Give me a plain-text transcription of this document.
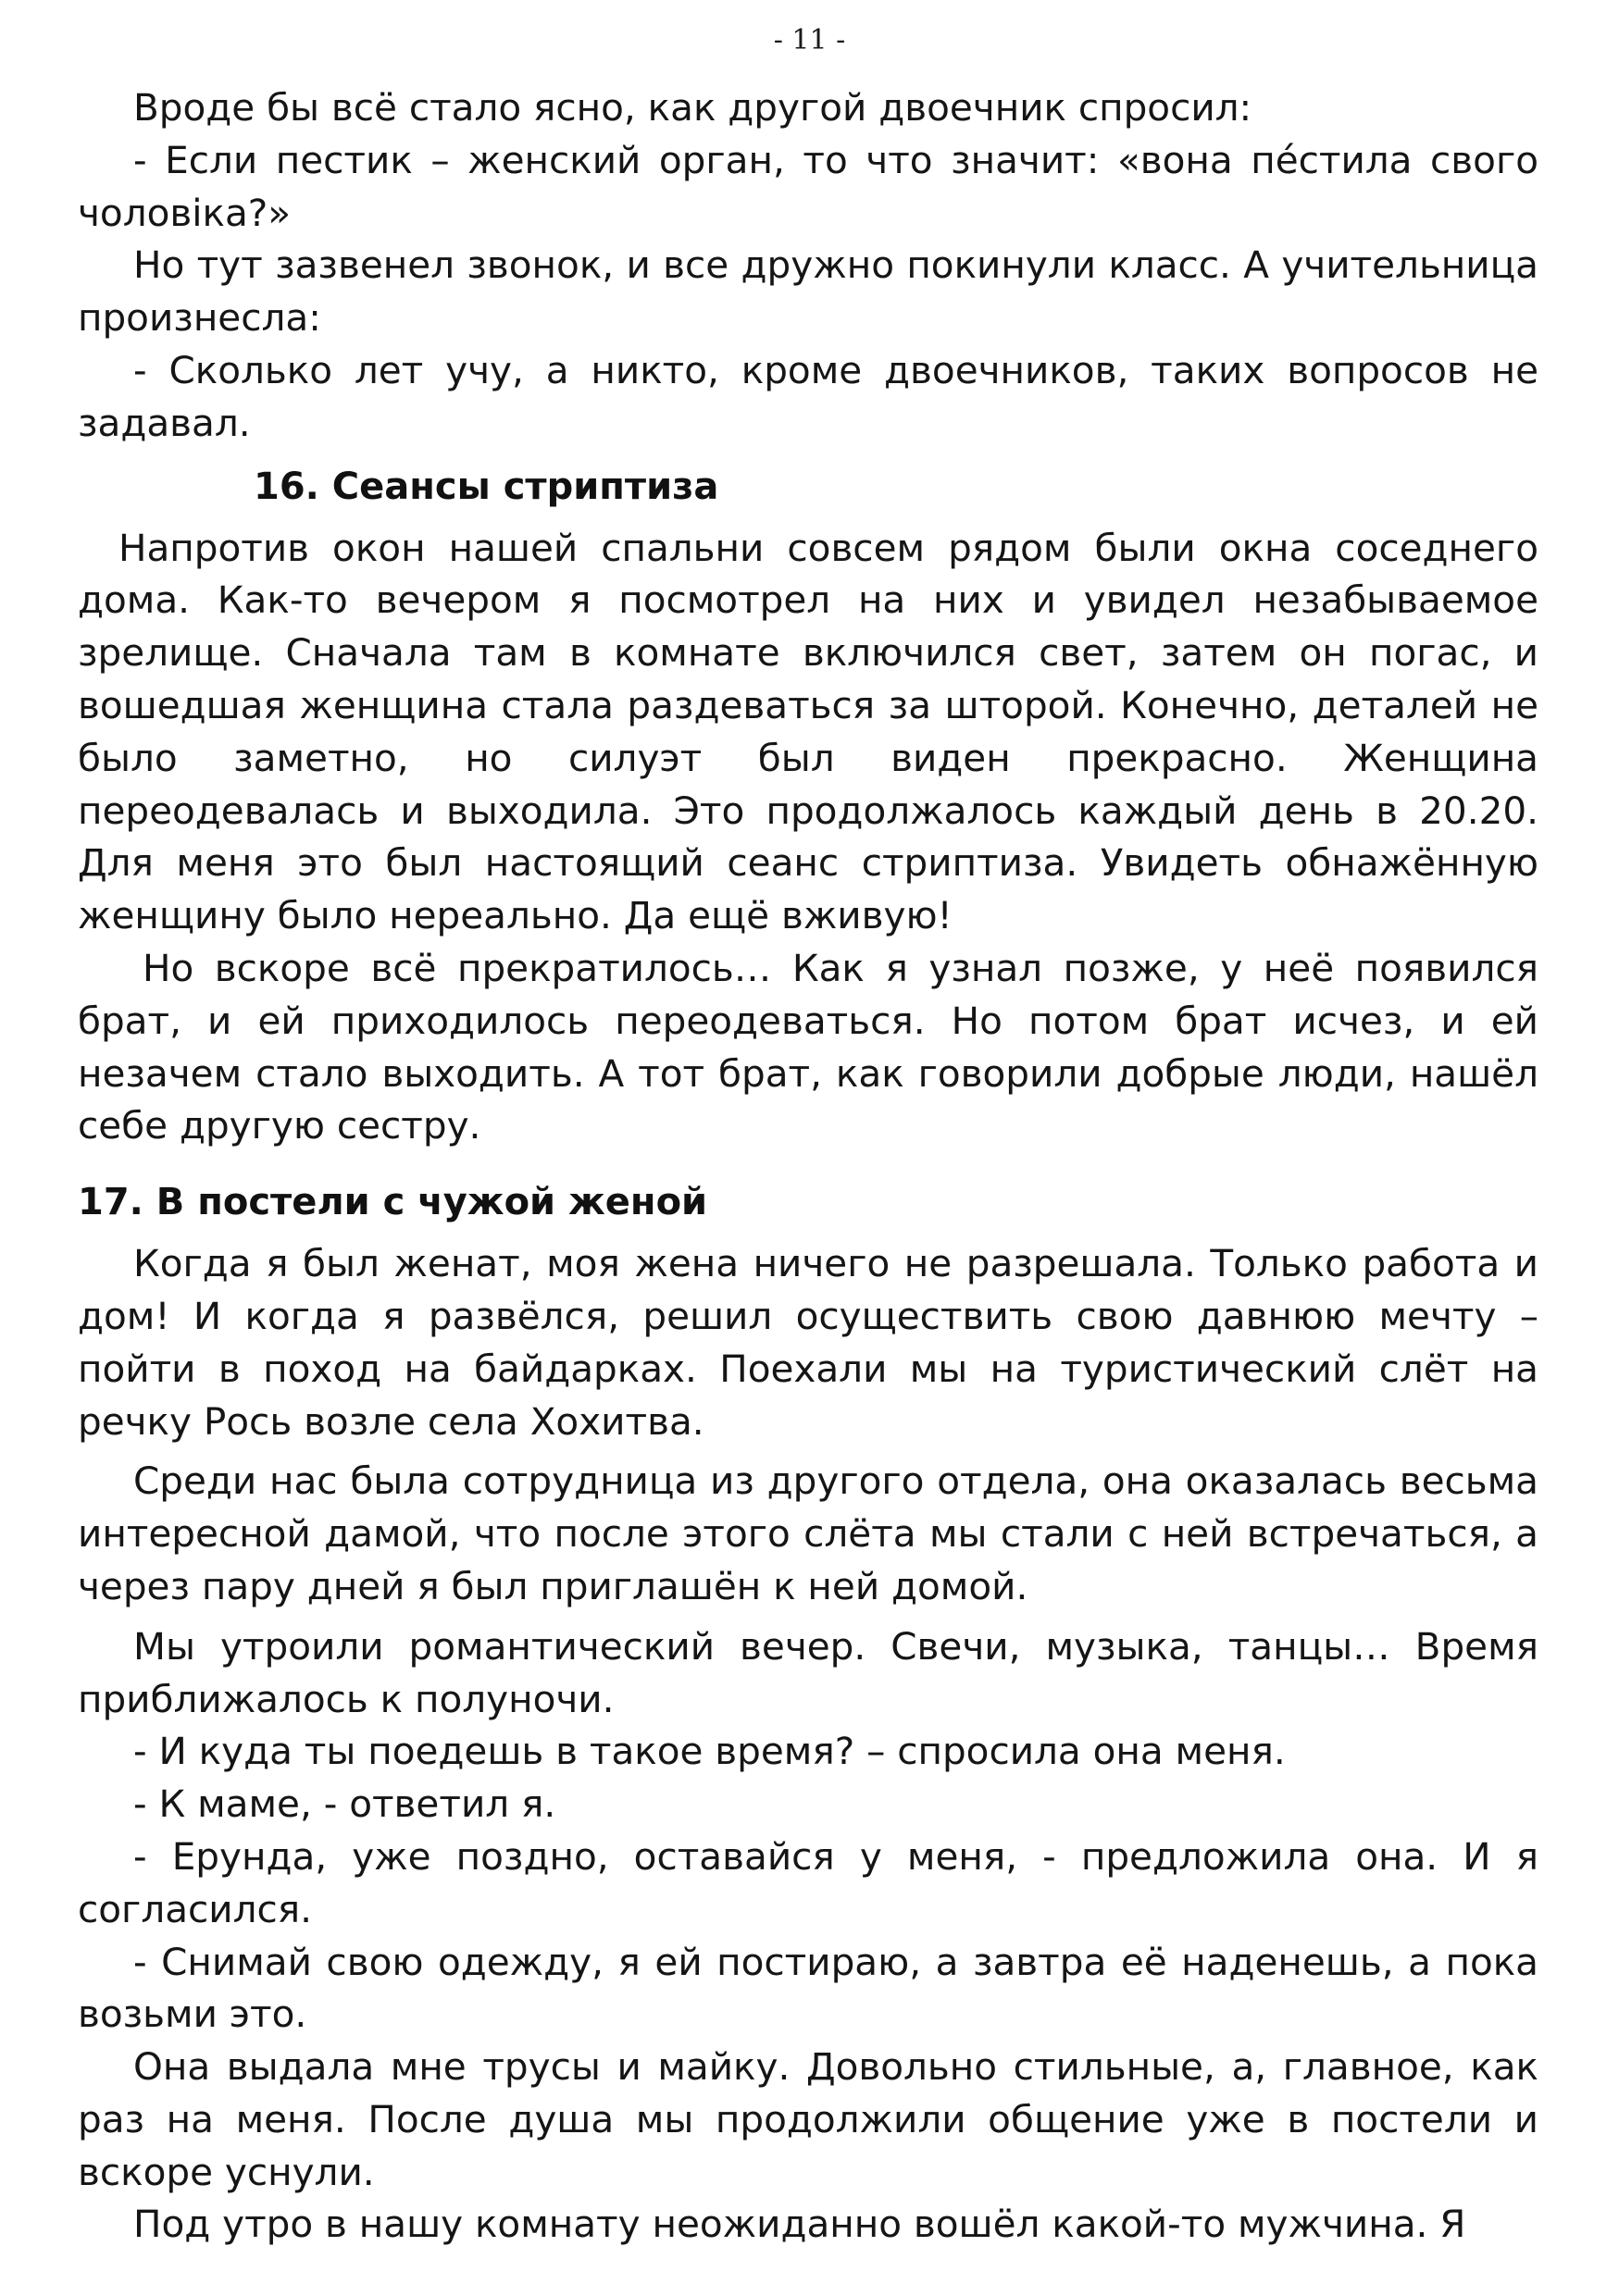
- 11 -

Вроде бы всё стало ясно, как другой двоечник спросил:

- Если пестик – женский орган, то что значит: «вона пе́стила свого чоловіка?»

Но тут зазвенел звонок, и все дружно покинули класс. А учительница произнесла:

- Сколько лет учу, а никто, кроме двоечников, таких вопросов не задавал.

16. Сеансы стриптиза

Напротив окон нашей спальни совсем рядом были окна соседнего дома. Как-то вечером я посмотрел на них и увидел незабываемое зрелище. Сначала там в комнате включился свет, затем он погас, и вошедшая женщина стала раздеваться за шторой. Конечно, деталей не было заметно, но силуэт был виден прекрасно. Женщина переодевалась и выходила. Это продолжалось каждый день в 20.20. Для меня это был настоящий сеанс стриптиза. Увидеть обнажённую женщину было нереально. Да ещё вживую!

Но вскоре всё прекратилось… Как я узнал позже, у неё появился брат, и ей приходилось переодеваться. Но потом брат исчез, и ей незачем стало выходить. А тот брат, как говорили добрые люди, нашёл себе другую сестру.

17. В постели с чужой женой

Когда я был женат, моя жена ничего не разрешала. Только работа и дом! И когда я развёлся, решил осуществить свою давнюю мечту – пойти в поход на байдарках. Поехали мы на туристический слёт на речку Рось возле села Хохитва.

Среди нас была сотрудница из другого отдела, она оказалась весьма интересной дамой, что после этого слёта мы стали с ней встречаться, а через пару дней я был приглашён к ней домой.

Мы утроили романтический вечер. Свечи, музыка, танцы… Время приближалось к полуночи.

- И куда ты поедешь в такое время? – спросила она меня.

- К маме, - ответил я.

- Ерунда, уже поздно, оставайся у меня, - предложила она. И я согласился.

- Снимай свою одежду, я ей постираю, а завтра её наденешь, а пока возьми это.

Она выдала мне трусы и майку. Довольно стильные, а, главное, как раз на меня. После душа мы продолжили общение уже в постели и вскоре уснули.

Под утро в нашу комнату неожиданно вошёл какой-то мужчина. Я
